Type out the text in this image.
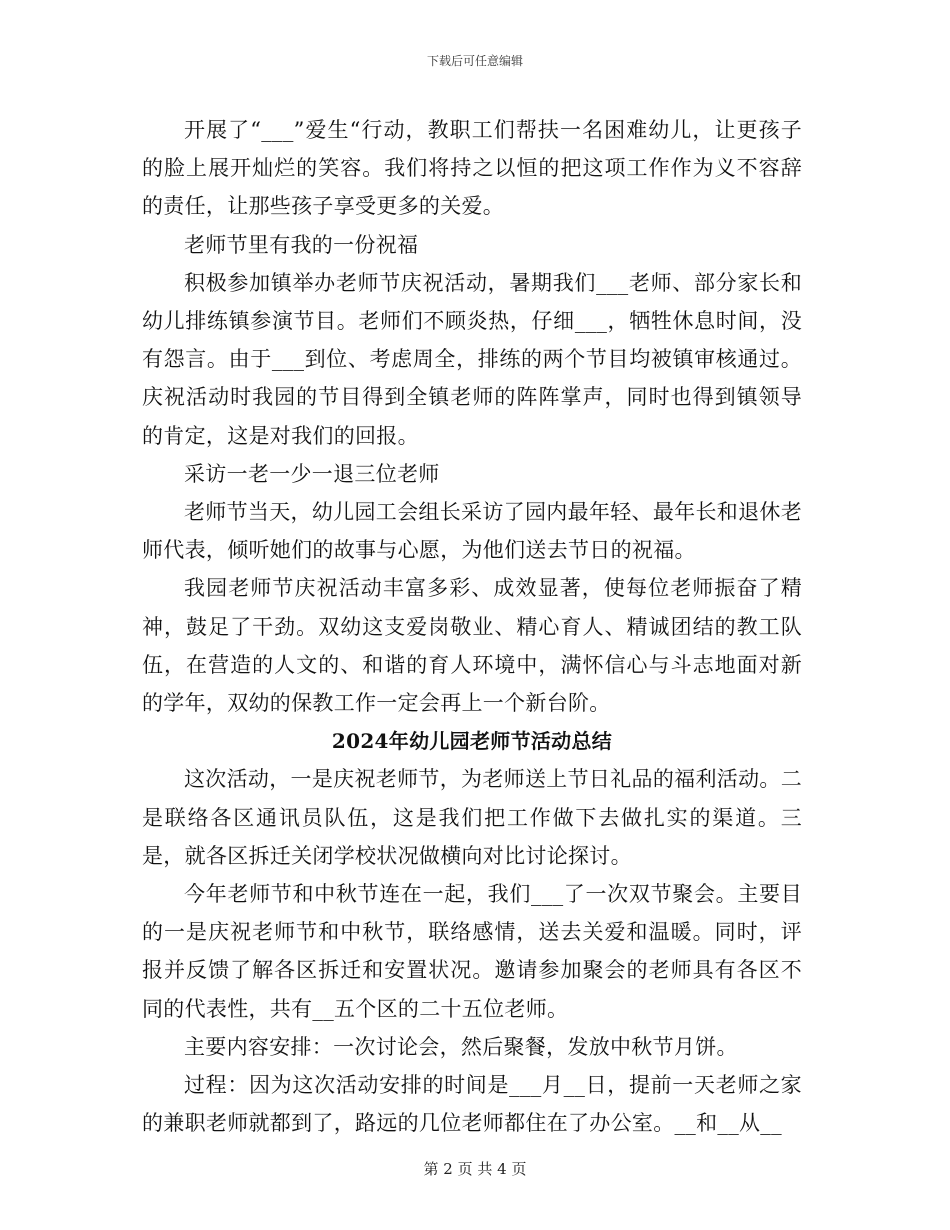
下载后可任意编辑

开展了“___”爱生“行动，教职工们帮扶一名困难幼儿，让更孩子的脸上展开灿烂的笑容。我们将持之以恒的把这项工作作为义不容辞的责任，让那些孩子享受更多的关爱。

老师节里有我的一份祝福

积极参加镇举办老师节庆祝活动，暑期我们___老师、部分家长和幼儿排练镇参演节目。老师们不顾炎热，仔细___，牺牲休息时间，没有怨言。由于___到位、考虑周全，排练的两个节目均被镇审核通过。庆祝活动时我园的节目得到全镇老师的阵阵掌声，同时也得到镇领导的肯定，这是对我们的回报。

采访一老一少一退三位老师

老师节当天，幼儿园工会组长采访了园内最年轻、最年长和退休老师代表，倾听她们的故事与心愿，为他们送去节日的祝福。

我园老师节庆祝活动丰富多彩、成效显著，使每位老师振奋了精神，鼓足了干劲。双幼这支爱岗敬业、精心育人、精诚团结的教工队伍，在营造的人文的、和谐的育人环境中，满怀信心与斗志地面对新的学年，双幼的保教工作一定会再上一个新台阶。

2024年幼儿园老师节活动总结

这次活动，一是庆祝老师节，为老师送上节日礼品的福利活动。二是联络各区通讯员队伍，这是我们把工作做下去做扎实的渠道。三是，就各区拆迁关闭学校状况做横向对比讨论探讨。

今年老师节和中秋节连在一起，我们___了一次双节聚会。主要目的一是庆祝老师节和中秋节，联络感情，送去关爱和温暖。同时，评报并反馈了解各区拆迁和安置状况。邀请参加聚会的老师具有各区不同的代表性，共有__五个区的二十五位老师。

主要内容安排：一次讨论会，然后聚餐，发放中秋节月饼。

过程：因为这次活动安排的时间是___月__日，提前一天老师之家的兼职老师就都到了，路远的几位老师都住在了办公室。__和__从__

第 2 页 共 4 页
